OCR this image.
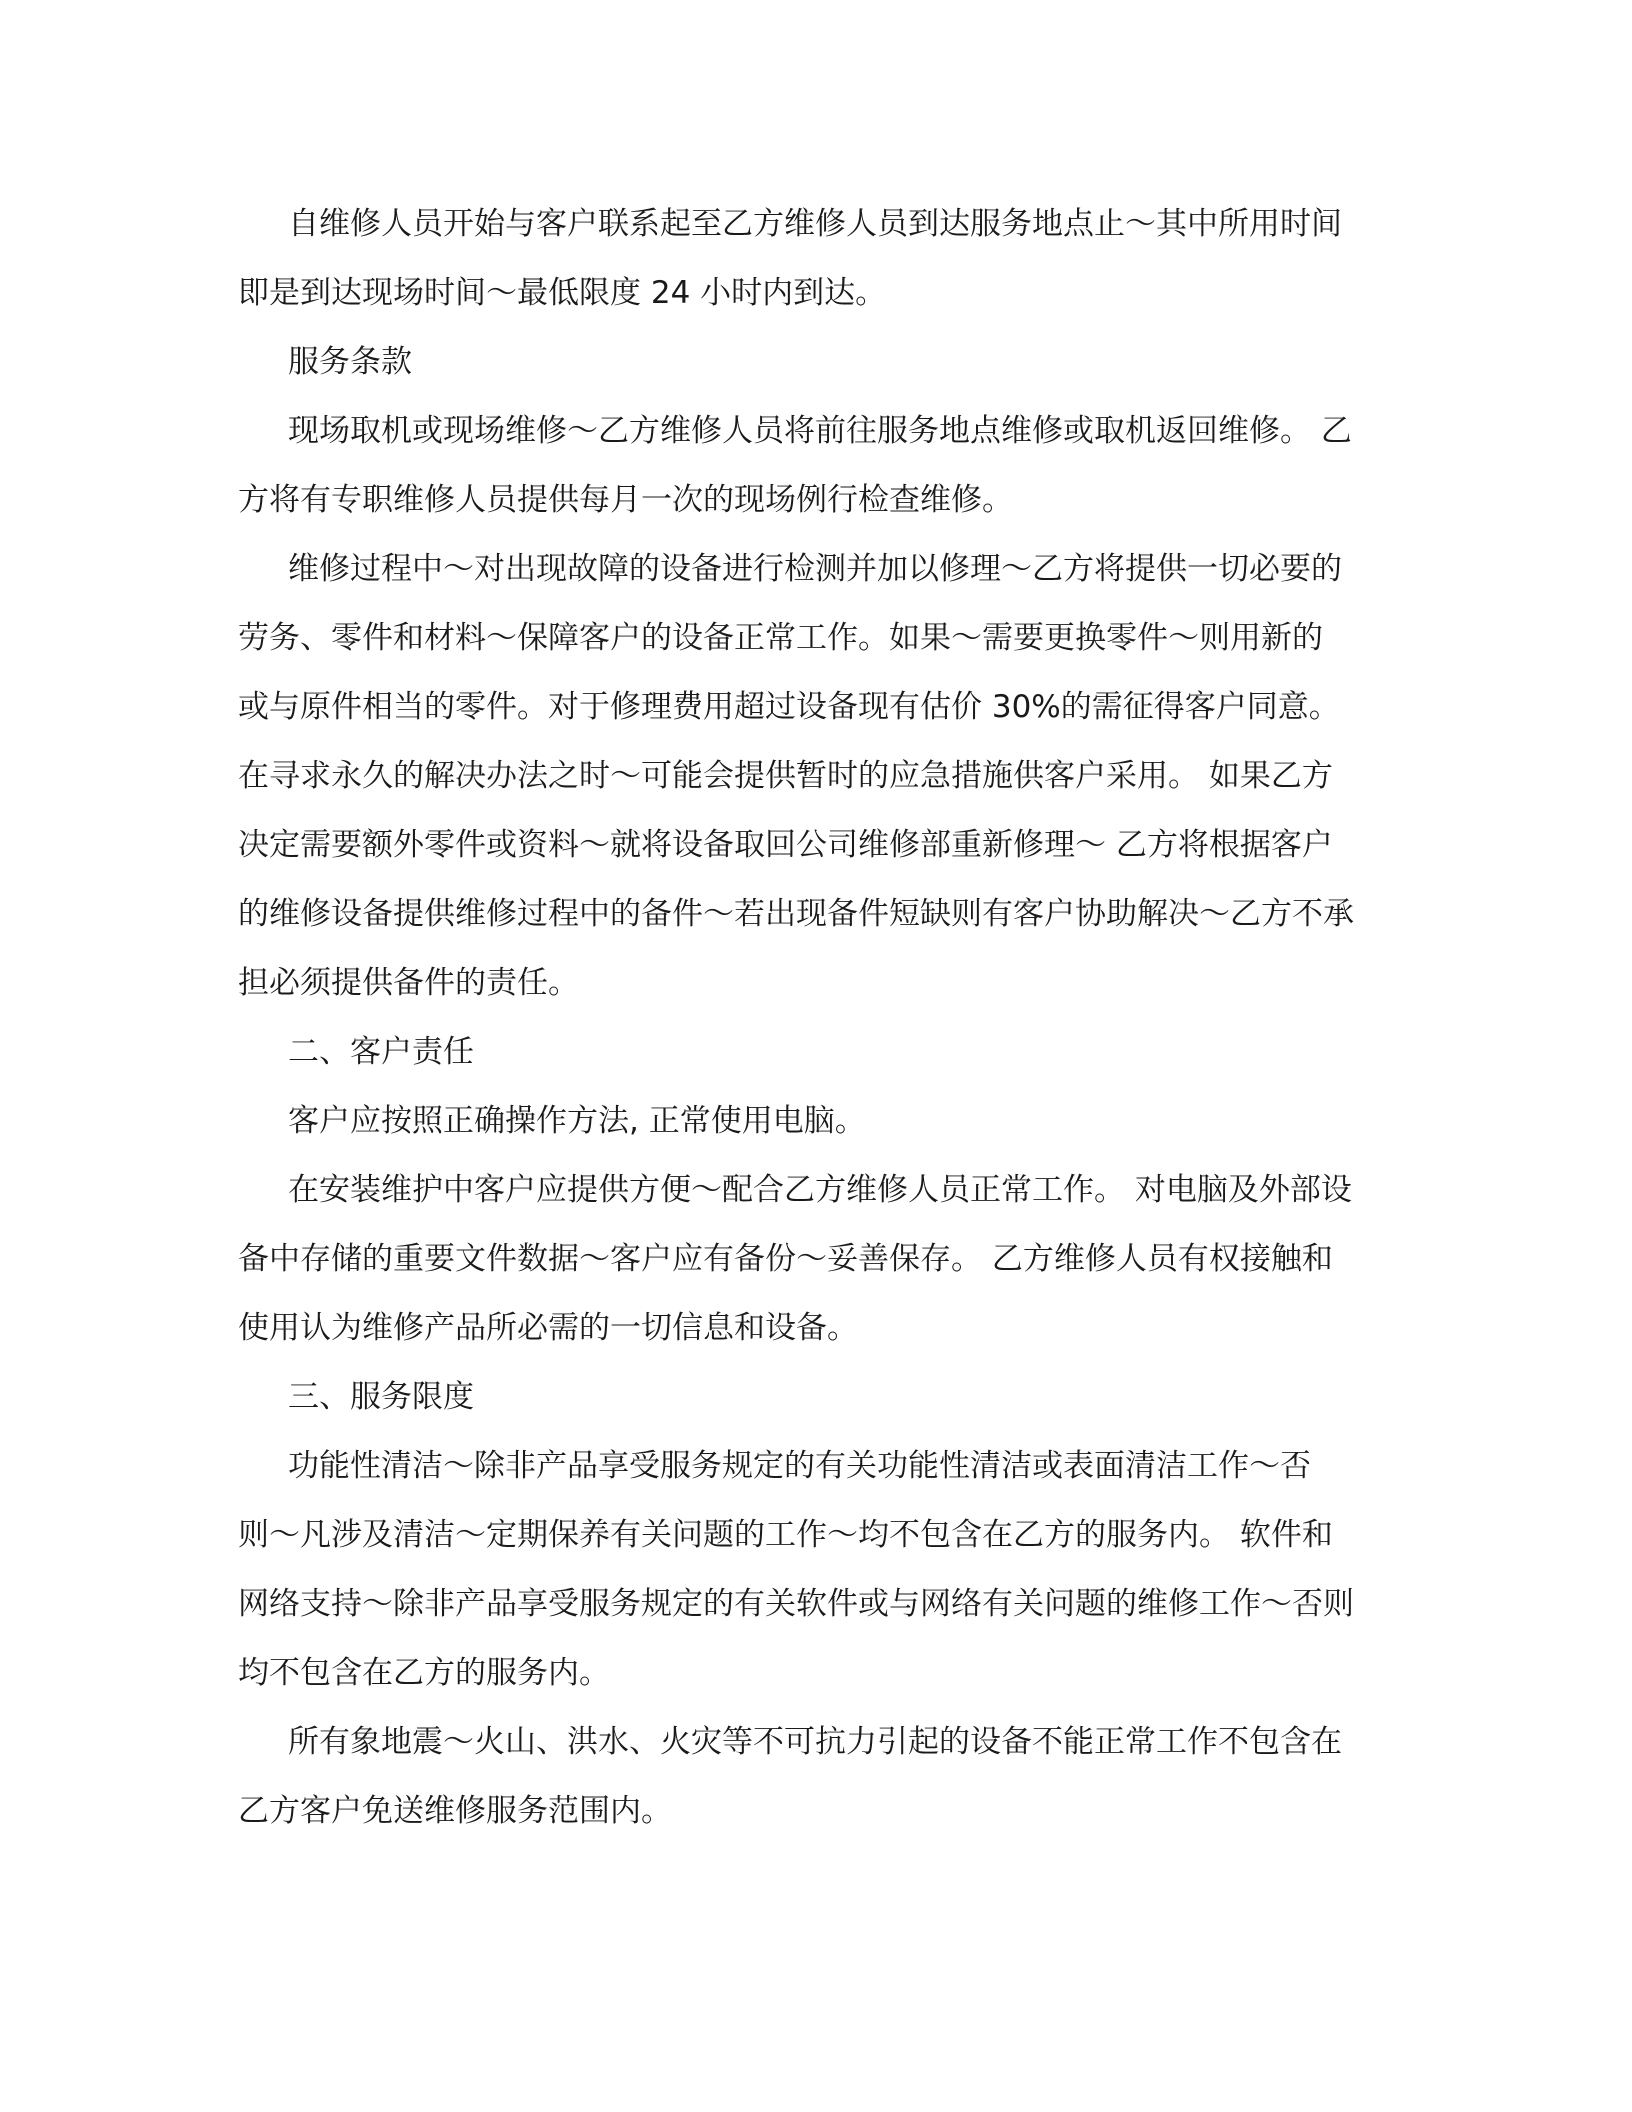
自维修人员开始与客户联系起至乙方维修人员到达服务地点止～其中所用时间
即是到达现场时间～最低限度 24 小时内到达。
服务条款
现场取机或现场维修～乙方维修人员将前往服务地点维修或取机返回维修。 乙
方将有专职维修人员提供每月一次的现场例行检查维修。
维修过程中～对出现故障的设备进行检测并加以修理～乙方将提供一切必要的
劳务、零件和材料～保障客户的设备正常工作。如果～需要更换零件～则用新的
或与原件相当的零件。对于修理费用超过设备现有估价 30%的需征得客户同意。
在寻求永久的解决办法之时～可能会提供暂时的应急措施供客户采用。 如果乙方
决定需要额外零件或资料～就将设备取回公司维修部重新修理～ 乙方将根据客户
的维修设备提供维修过程中的备件～若出现备件短缺则有客户协助解决～乙方不承
担必须提供备件的责任。
二、客户责任
客户应按照正确操作方法, 正常使用电脑。
在安装维护中客户应提供方便～配合乙方维修人员正常工作。 对电脑及外部设
备中存储的重要文件数据～客户应有备份～妥善保存。 乙方维修人员有权接触和
使用认为维修产品所必需的一切信息和设备。
三、服务限度
功能性清洁～除非产品享受服务规定的有关功能性清洁或表面清洁工作～否
则～凡涉及清洁～定期保养有关问题的工作～均不包含在乙方的服务内。 软件和
网络支持～除非产品享受服务规定的有关软件或与网络有关问题的维修工作～否则
均不包含在乙方的服务内。
所有象地震～火山、洪水、火灾等不可抗力引起的设备不能正常工作不包含在
乙方客户免送维修服务范围内。
